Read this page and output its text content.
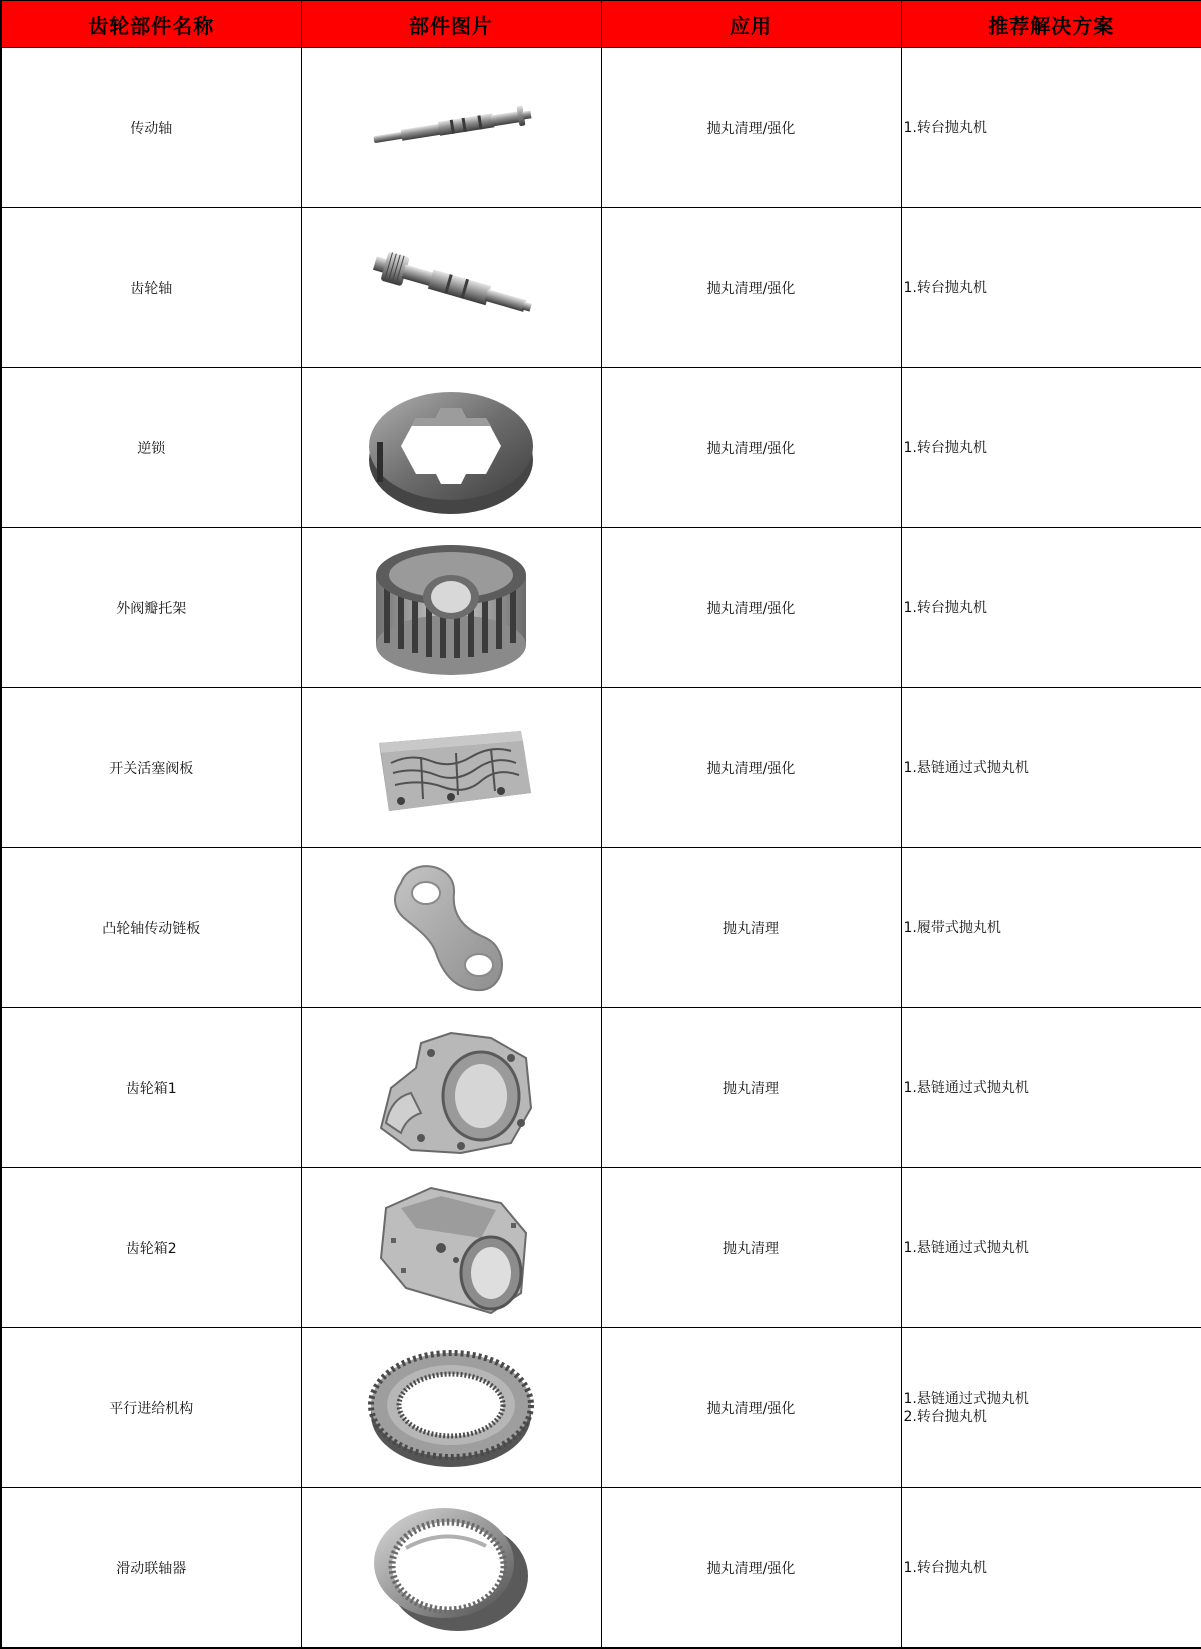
齿轮部件名称	部件图片	应用	推荐解决方案
传动轴		抛丸清理/强化	1.转台抛丸机

齿轮轴		抛丸清理/强化	1.转台抛丸机

逆锁		抛丸清理/强化	1.转台抛丸机

外阀瓣托架		抛丸清理/强化	1.转台抛丸机

开关活塞阀板		抛丸清理/强化	1.悬链通过式抛丸机

凸轮轴传动链板		抛丸清理	1.履带式抛丸机

齿轮箱1		抛丸清理	1.悬链通过式抛丸机

齿轮箱2		抛丸清理	1.悬链通过式抛丸机

平行进给机构		抛丸清理/强化	1.悬链通过式抛丸机
2.转台抛丸机

滑动联轴器		抛丸清理/强化	1.转台抛丸机
